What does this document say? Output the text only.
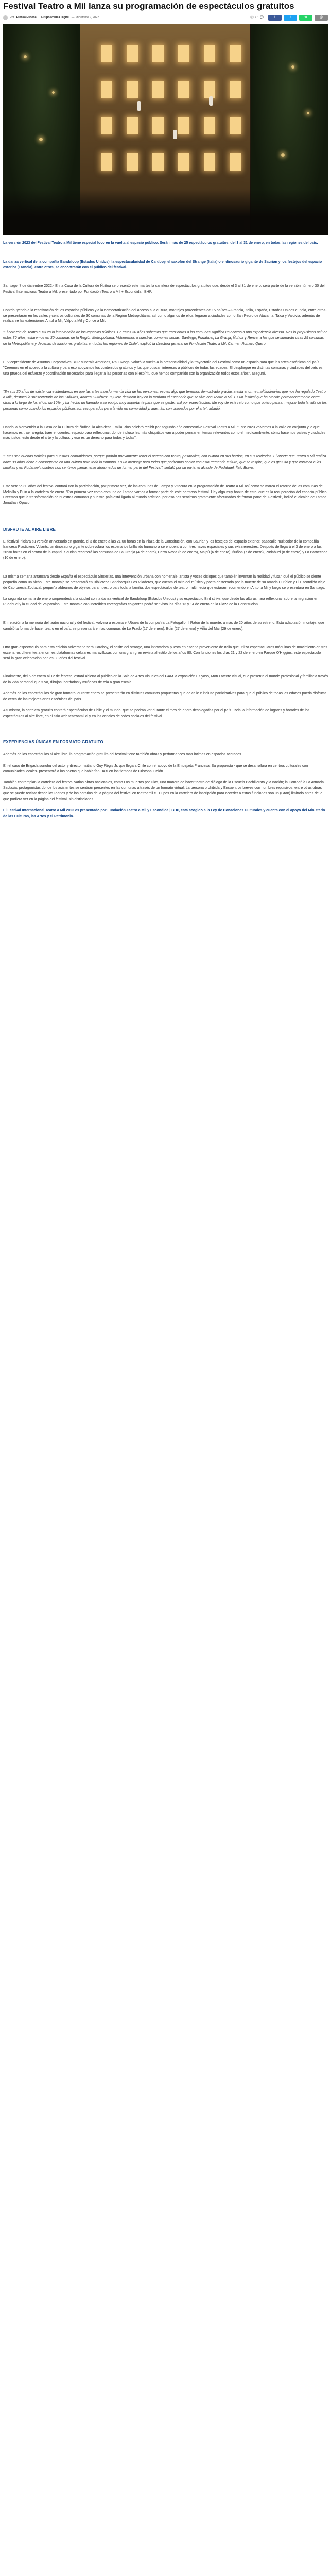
Festival Teatro a Mil lanza su programación de espectáculos gratuitos
Por Prensa Escena | Grupo Prensa Digital — diciembre 9, 2022	👁 47 💬 0	f	t	w	@

La versión 2023 del Festival Teatro a Mil tiene especial foco en la vuelta al espacio público. Serán más de 25 espectáculos gratuitos, del 3 al 31 de enero, en todas las regiones del país.

La danza vertical de la compañía Bandaloop (Estados Unidos), la espectacularidad de Cardboy, el saxofón del Strange (Italia) o el dinosaurio gigante de Saurian y los festejos del espacio exterior (Francia), entre otros, se encontrarán con el público del festival.

Santiago, 7 de diciembre 2022.- En la Casa de la Cultura de Ñuñoa se presentó este martes la cartelera de espectáculos gratuitos que, desde el 3 al 31 de enero, será parte de la versión número 30 del Festival Internacional Teatro a Mil, presentado por Fundación Teatro a Mil + Escondida | BHP.

Contribuyendo a la reactivación de los espacios públicos y a la democratización del acceso a la cultura, montajes provenientes de 15 países – Francia, Italia, España, Estados Unidos e India, entre otros- se presentarán en las calles y centros culturales de 30 comunas de la Región Metropolitana, así como algunos de ellos llegarán a ciudades como San Pedro de Atacama, Talca y Valdivia, además de realizarse las extensiones Antof a Mil, Valpo a Mil y Conce a Mil.

"El corazón de Teatro a Mil es la intervención de los espacios públicos. En estos 30 años sabemos que traer obras a las comunas significa un acceso a una experiencia diversa. Nos lo propusimos así: en estos 30 años, estaremos en 30 comunas de la Región Metropolitana. Volveremos a nuestras comunas socias: Santiago, Pudahuel, La Granja, Ñuñoa y Renca, a las que se sumarán otras 25 comunas de la Metropolitana y decenas de funciones gratuitas en todas las regiones de Chile", explicó la directora general de Fundación Teatro a Mil, Carmen Romero Quero.

El Vicepresidente de Asuntos Corporativos BHP Minerals Americas, Raul Moga, valoró la vuelta a la presencialidad y la trayectoria del Festival como un espacio para que las artes escénicas del país. "Creemos en el acceso a la cultura y para eso apoyamos los contenidos gratuitos y los que buscan intereses a públicos de todas las edades. El despliegue en distintas comunas y ciudades del país es una prueba del esfuerzo y coordinación necesarios para llegar a las personas con el espíritu que hemos compartido con la organización todos estos años", aseguró.

"En sus 30 años de existencia e intentamos en que las artes transforman la vida de las personas, eso es algo que tenemos demostrado gracias a esta enorme multitudinarias que nos ha regalado Teatro a Mil", destacó la subsecretaria de las Culturas, Andrea Gutiérrez. "Quiero destacar hoy en la mañana el escenario que se vive con Teatro a Mil. Es un festival que ha crecido permanentemente entre otras a lo largo de los años, un 10%, y ha hecho un llamado a su equipo muy importante para que se gesten mil por espectáculos. Me voy de este reto como que quiero pensar mejorar toda la vida de los personas como cuando los espacios públicos son recuperados para la vida en comunidad y, además, son ocupados por el arte", añadió.

Dando la bienvenida a la Casa de la Cultura de Ñuñoa, la Alcaldesa Emilia Ríos celebró recibir por segundo año consecutivo Festival Teatro a Mil. "Este 2023 volvemos a la calle en conjunto y lo que hacemos es traer alegría, traer encuentro, espacio para reflexionar, donde incluso les más chiquititos van a poder pensar en temas relevantes como el medioambiente, cómo hacemos países y ciudades más justos, esto desde el arte y la cultura, y eso es un derecho para todos y todas".

"Estas son buenas noticias para nuestras comunidades, porque podrán nuevamente tener el acceso con teatro, pasacalles, con cultura en sus barrios, en sus territorios. El aporte que Teatro a Mil realiza hace 30 años viene a consagrarse en una cultura para toda la comuna. Es un mensaje para todos que podremos contar con esta tremenda cultura, que se respira, que es gratuita y que convoca a las familias y en Pudahuel nosotros nos sentimos plenamente afortunados de formar parte del Festival", señaló por su parte, el alcalde de Pudahuel, Ítalo Bravo.

Este verano 30 años del festival contará con la participación, por primera vez, de las comunas de Lampa y Vitacura en la programación de Teatro a Mil así como se marca el retorno de las comunas de Melipilla y Buin a la cartelera de enero. "Por primera vez como comuna de Lampa vamos a formar parte de este hermoso festival. Hay algo muy bonito de esto, que es la recuperación del espacio público. Creemos que la transformación de nuestras comunas y nuestro país está ligada al mundo artístico, por eso nos sentimos gratamente afortunados de formar parte del Festival", indicó el alcalde de Lampa, Jonathan Opazo.

DISFRUTE AL AIRE LIBRE

El festival iniciará su versión aniversario en grande, el 3 de enero a las 21:00 horas en la Plaza de la Constitución, con Saurian y los festejos del espacio exterior, pasacalle multicolor de la compañía francesa Plasticiens Volants: un dinosaurio gigante sobrevolará los escenarios brillando humano a se encuentra con tres naves espaciales y sus extraterrestres. Después de llegará el 3 de enero a las 20:30 horas en el centro de la capital. Saurian recorrerá las comunas de La Granja (4 de enero), Cerro Navia (5 de enero), Maipú (6 de enero), Ñuñoa (7 de enero), Pudahuel (8 de enero) y Lo Barnechea (10 de enero).

La misma semana arrancará desde España el espectáculo Sincerías, una intervención urbana con homenaje, artista y voces cíclopes que también inventan la realidad y fusan qué el público se siente pequeño como un bicho. Este montaje se presentará en Biblioteca Sanchorquiz Los Viladeros, que cuenta el mito del músico y poeta desterrado por la muerte de su amada Eurídice y El Escondido viaje de Capronecia Zodiacal, pequeña aldeanas de objetos para nuestro país toda la familia, dos espectáculos de teatro multimedia que estarán recorriendo en Antof a Mil y luego se presentará en Santiago.

La segunda semana de enero sorprenderá a la ciudad con la danza vertical de Bandaloop (Estados Unidos) y su espectáculo Bird strike, que desde las alturas hará reflexionar sobre la migración en Pudahuel y la ciudad de Valparaíso. Este montaje con increíbles coreografías colgantes podrá ser visto los días 13 y 14 de enero en la Plaza de la Constitución.

En relación a la memoria del teatro nacional y del festival, volverá a escena el Ubuea de la compañía La Patogallo, Il Ratón de la muerte, a más de 20 años de su estreno. Esta adaptación montaje, que cambió la forma de hacer teatro en el país, se presentará en las comunas de Lo Prado (17 de enero), Buin (27 de enero) y Viña del Mar (29 de enero).

Otro gran espectáculo para esta edición aniversario será Cardboy, el cosito del strange, una innovadora puesta en escena proveniente de Italia que utiliza espectaculares máquinas de movimiento en tres escenarios diferentes a enormes plataformas celulares maravillosas con una gran gran revista al estilo de los años 80. Con funciones los días 21 y 22 de enero en Parque O'Higgins, este espectáculo será la gran celebración por los 30 años del festival.

Finalmente, del 5 de enero al 12 de febrero, estará abierta al público en la Sala de Artes Visuales del GAM la exposición Es yoso, Mon Latente visual, que presenta el mundo profesional y familiar a través de la vida personal que tuvo, dibujos, bordados y muñecas de tela a gran escala.

Además de los espectáculos de gran formato, durante enero se presentarán en distintas comunas propuestas que de calle e incluso participativas para que el público de todas las edades pueda disfrutar de cerca de las mejores artes escénicas del país.

Así mismo, la cartelera gratuita contará espectáculos de Chile y el mundo, que se podrán ver durante el mes de enero desplegadas por el país. Toda la información de lugares y horarios de los espectáculos al aire libre, en el sitio web teatroamil.cl y en los canales de redes sociales del festival.

EXPERIENCIAS ÚNICAS EN FORMATO GRATUITO

Además de los espectáculos al aire libre, la programación gratuita del festival tiene también obras y performances más íntimas en espacios acotados.

En el caso de Brigada sonohu del actor y director haitiano Guy Régis Jr, que llega a Chile con el apoyo de la Embajada Francesa. Su propuesta - que se desarrollará en centros culturales con comunidades locales- presentará a los poetas que hablarían Haití en los tiempos de Cristóbal Colón.

También contemplan la cartelera del festival varias obras nacionales, como Los muertos por Dios, una manera de hacer teatro de diálogo de la Escuela Bachillerato y la nación; la Compañía La Armada Sactaxia, protagonistas donde los asistentes se sentirán presentes en las comunas a través de un formato virtual. La persona prohibida y Encuentros breves con hombres repulsivos, entre otras obras que se puede revisar desde los Planos y de los horarios de la página del festival en teatroamil.cl. Cupos en la cartelera de inscripción para acceder a estas funciones son un (Gran) limitado antes de lo que pudiera ver en la página del festival, sin distinciones.

El Festival Internacional Teatro a Mil 2023 es presentado por Fundación Teatro a Mil y Escondida | BHP, está acogido a la Ley de Donaciones Culturales y cuenta con el apoyo del Ministerio de las Culturas, las Artes y el Patrimonio.
